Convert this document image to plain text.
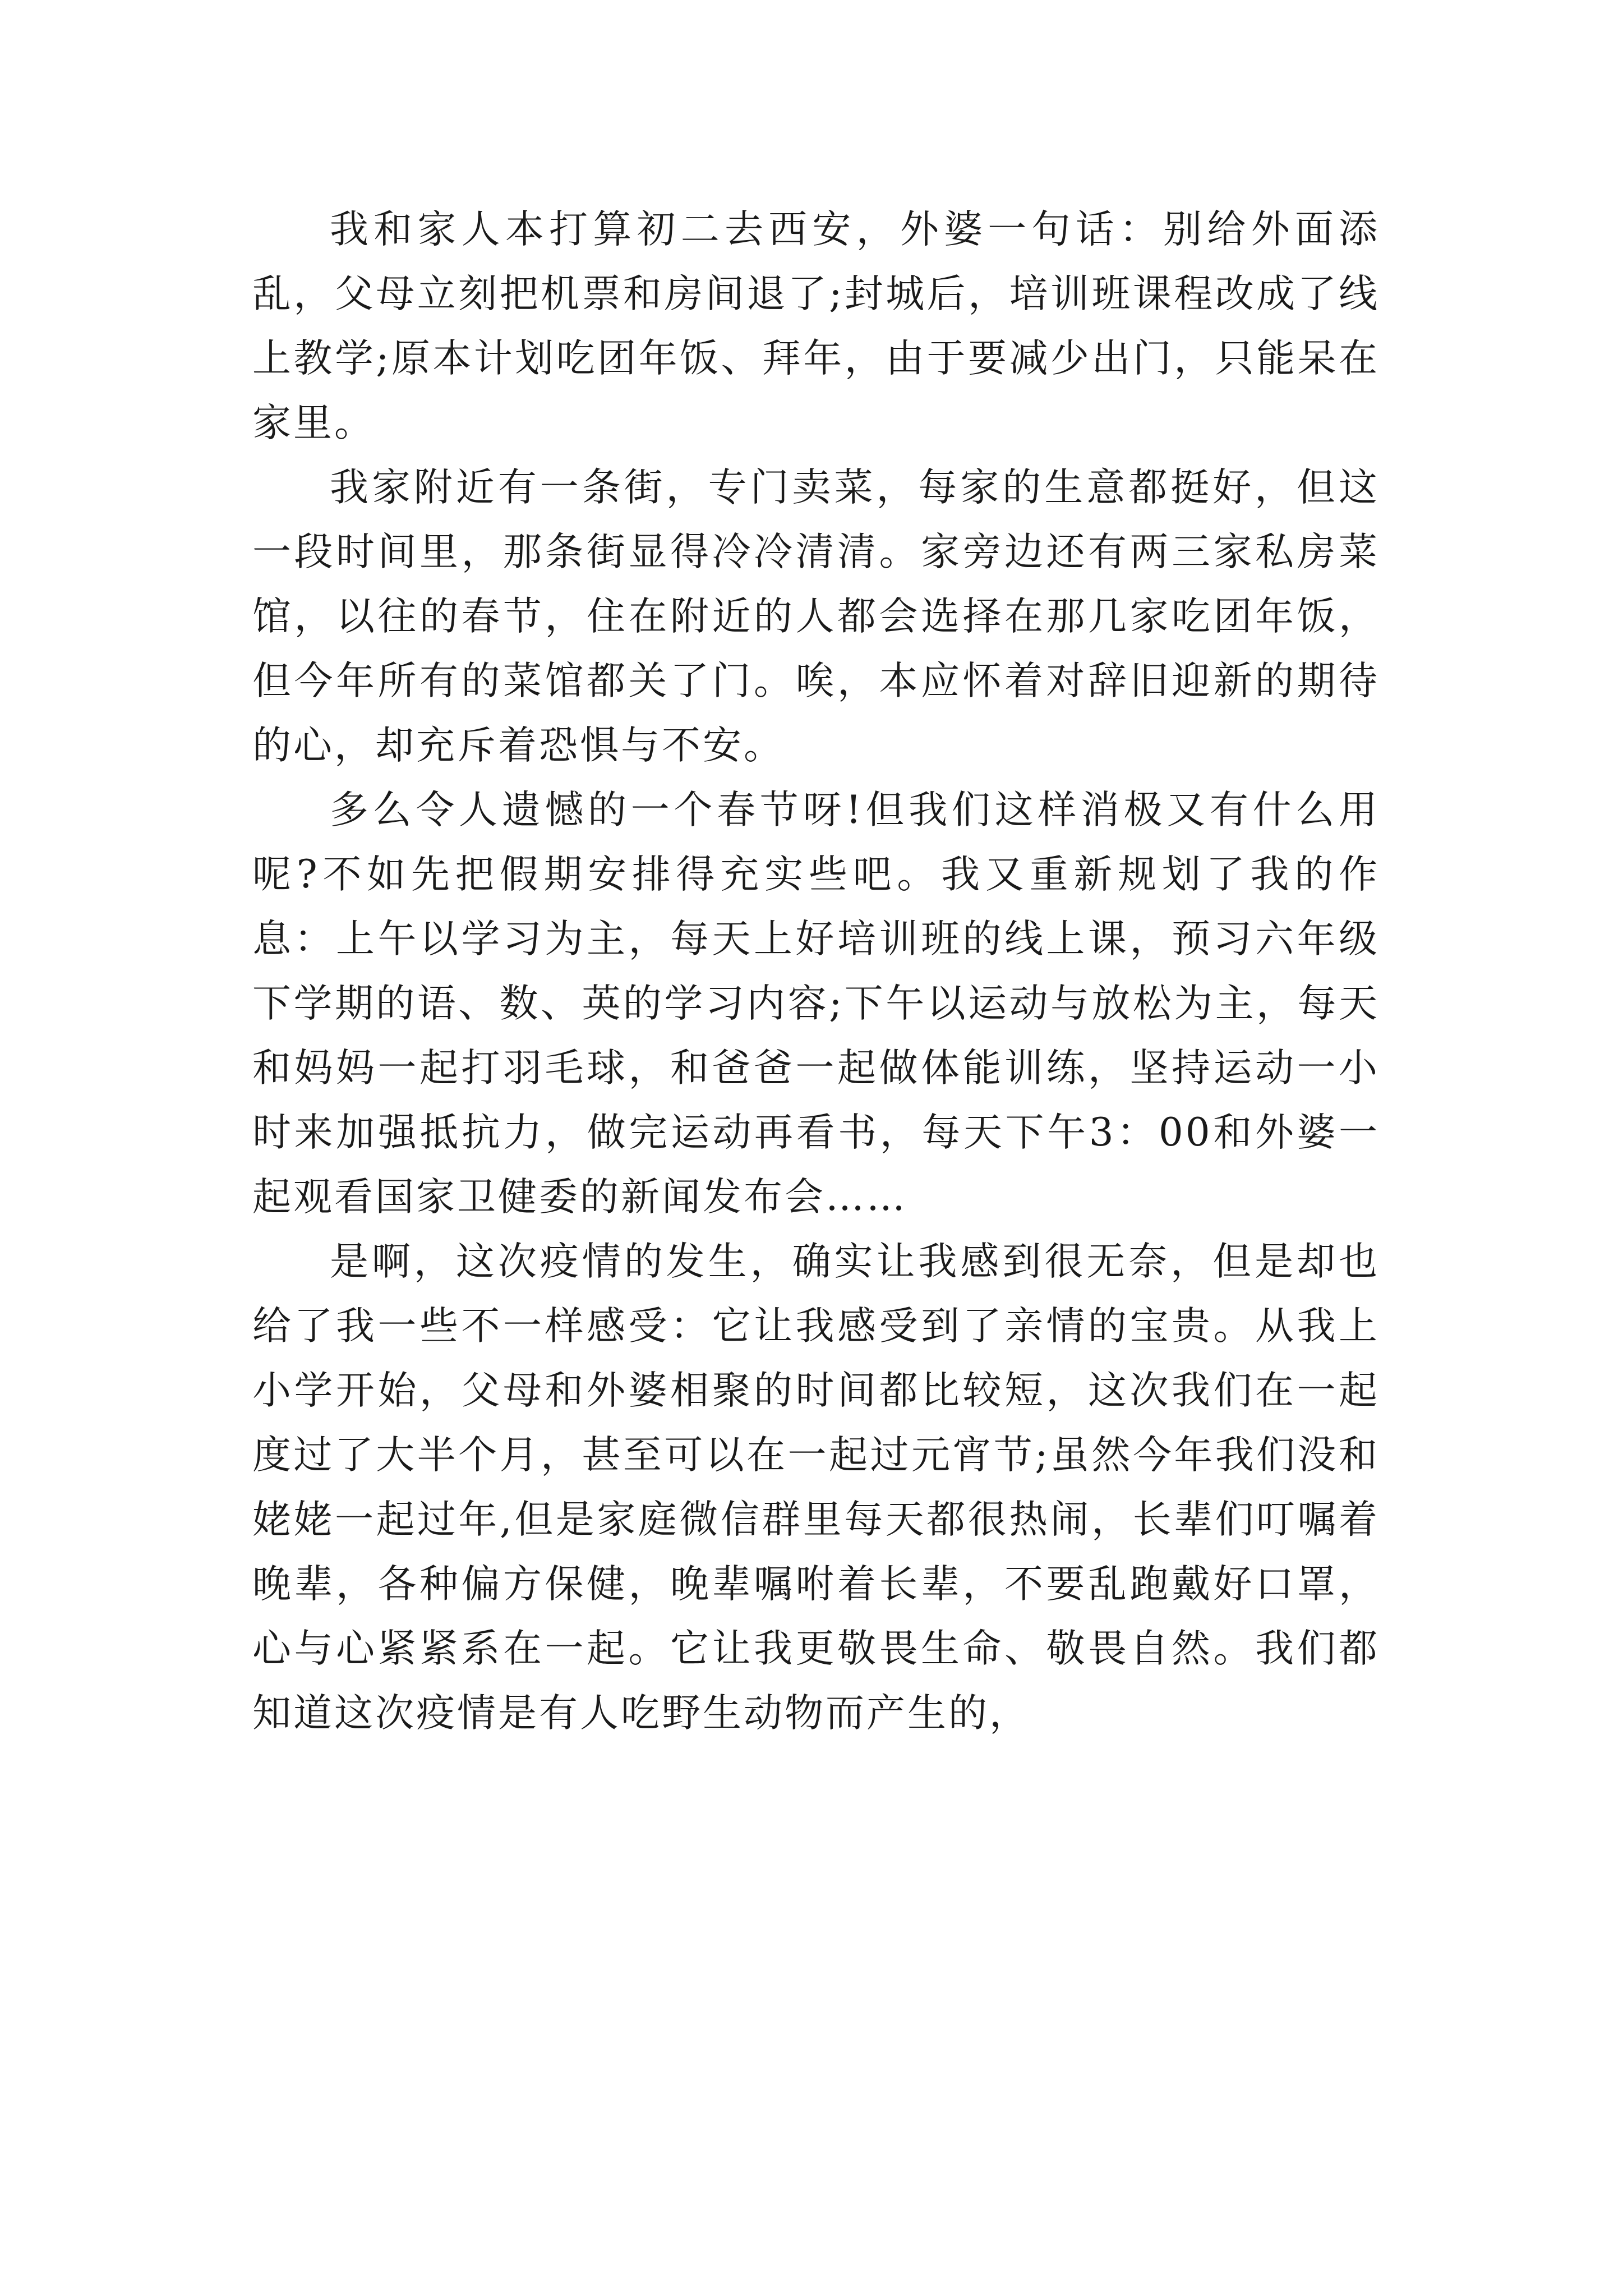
我和家人本打算初二去西安，外婆一句话：别给外面添乱，父母立刻把机票和房间退了;封城后，培训班课程改成了线上教学;原本计划吃团年饭、拜年，由于要减少出门，只能呆在家里。

我家附近有一条街，专门卖菜，每家的生意都挺好，但这一段时间里，那条街显得冷冷清清。家旁边还有两三家私房菜馆，以往的春节，住在附近的人都会选择在那几家吃团年饭，但今年所有的菜馆都关了门。唉，本应怀着对辞旧迎新的期待的心，却充斥着恐惧与不安。

多么令人遗憾的一个春节呀!但我们这样消极又有什么用呢?不如先把假期安排得充实些吧。我又重新规划了我的作息：上午以学习为主，每天上好培训班的线上课，预习六年级下学期的语、数、英的学习内容;下午以运动与放松为主，每天和妈妈一起打羽毛球，和爸爸一起做体能训练，坚持运动一小时来加强抵抗力，做完运动再看书，每天下午3：00和外婆一起观看国家卫健委的新闻发布会……

是啊，这次疫情的发生，确实让我感到很无奈，但是却也给了我一些不一样感受：它让我感受到了亲情的宝贵。从我上小学开始，父母和外婆相聚的时间都比较短，这次我们在一起度过了大半个月，甚至可以在一起过元宵节;虽然今年我们没和姥姥一起过年,但是家庭微信群里每天都很热闹，长辈们叮嘱着晚辈，各种偏方保健，晚辈嘱咐着长辈，不要乱跑戴好口罩，心与心紧紧系在一起。它让我更敬畏生命、敬畏自然。我们都知道这次疫情是有人吃野生动物而产生的，
